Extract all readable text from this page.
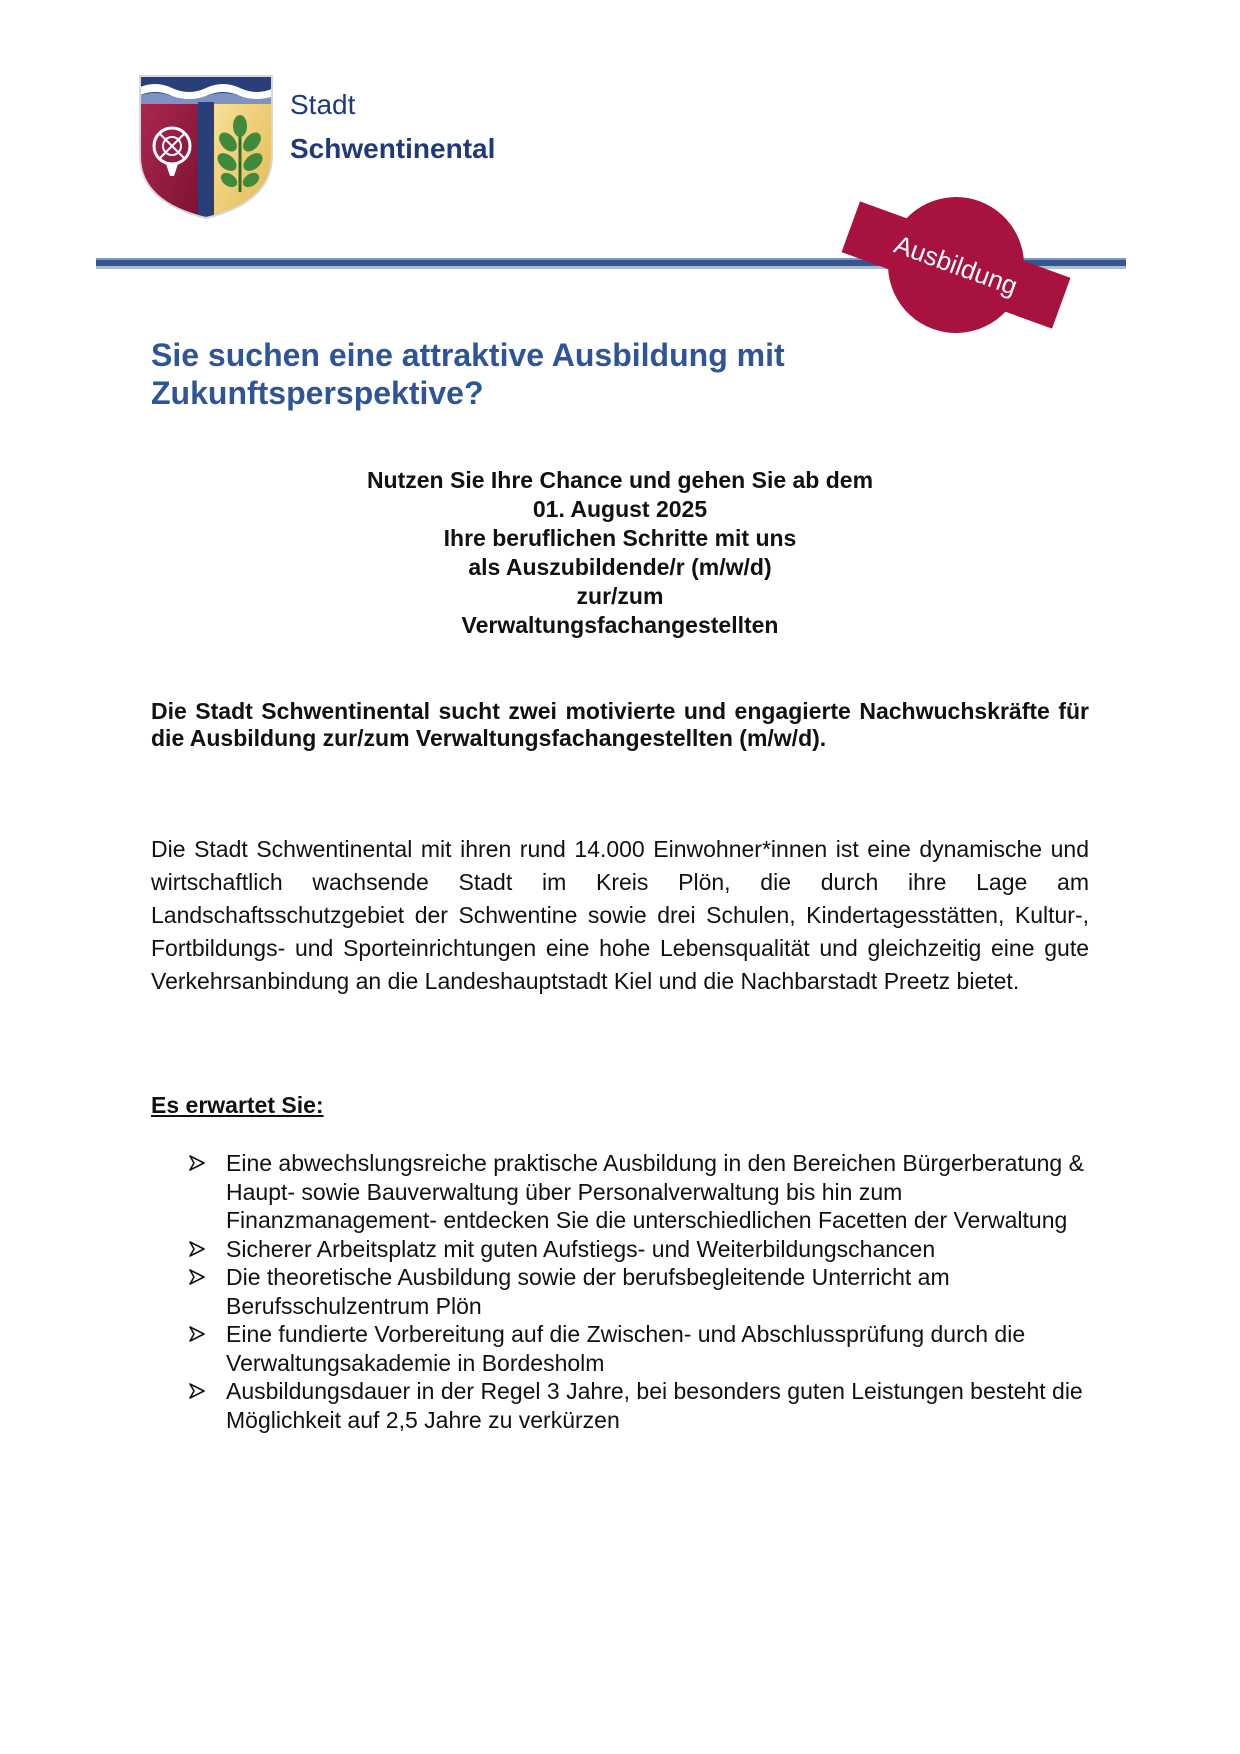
Stadt
Schwentinental
Ausbildung
Sie suchen eine attraktive Ausbildung mit
Zukunftsperspektive?
Nutzen Sie Ihre Chance und gehen Sie ab dem
01. August 2025
Ihre beruflichen Schritte mit uns
als Auszubildende/r (m/w/d)
zur/zum
Verwaltungsfachangestellten

Die Stadt Schwentinental sucht zwei motivierte und engagierte Nachwuchskräfte für die Ausbildung zur/zum Verwaltungsfachangestellten (m/w/d).

Die Stadt Schwentinental mit ihren rund 14.000 Einwohner*innen ist eine dynamische und wirtschaftlich wachsende Stadt im Kreis Plön, die durch ihre Lage am Landschaftsschutzgebiet der Schwentine sowie drei Schulen, Kindertagesstätten, Kultur-, Fortbildungs- und Sporteinrichtungen eine hohe Lebensqualität und gleichzeitig eine gute Verkehrsanbindung an die Landeshauptstadt Kiel und die Nachbarstadt Preetz bietet.

Es erwartet Sie:
Eine abwechslungsreiche praktische Ausbildung in den Bereichen Bürgerberatung & Haupt- sowie Bauverwaltung über Personalverwaltung bis hin zum Finanzmanagement- entdecken Sie die unterschiedlichen Facetten der Verwaltung
Sicherer Arbeitsplatz mit guten Aufstiegs- und Weiterbildungschancen
Die theoretische Ausbildung sowie der berufsbegleitende Unterricht am Berufsschulzentrum Plön
Eine fundierte Vorbereitung auf die Zwischen- und Abschlussprüfung durch die Verwaltungsakademie in Bordesholm
Ausbildungsdauer in der Regel 3 Jahre, bei besonders guten Leistungen besteht die Möglichkeit auf 2,5 Jahre zu verkürzen
